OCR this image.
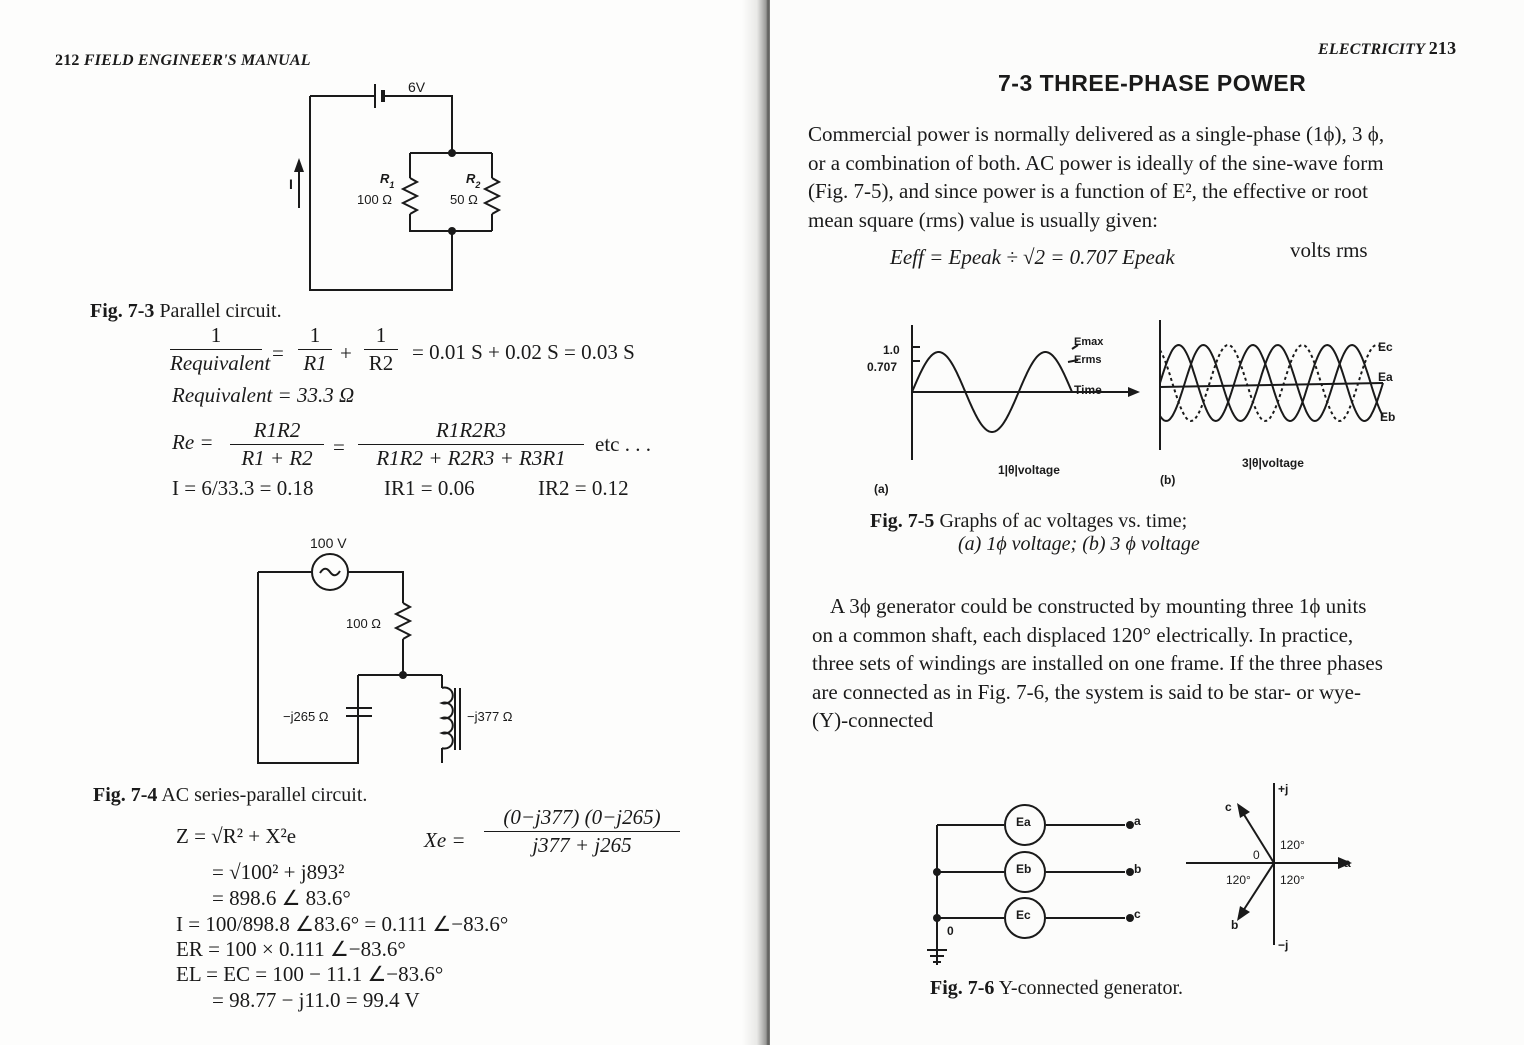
212 FIELD ENGINEER'S MANUAL
6V
I	$R_1$
100 Ω
$R_2$
50 Ω
Fig. 7-3 Parallel circuit.
1
Requivalent = $\frac{1}{R1} + \frac{1}{R2} = 0.01$ S + 0.02 S = 0.03 S
Requivalent = 33.3 Ω
$Re = \frac{R1R2}{R1 + R2} = \frac{R1R2R3}{R1R2 + R2R3 + R3R1}$ etc . . .
I = 6/33.3 = 0.18	IR1 = 0.06	IR2 = 0.12
100 V
100 Ω
−j265 Ω	−j377 Ω
Fig. 7-4 AC series-parallel circuit.
Z = √R² + X²e	$Xe = \frac{(0-j377) (0-j265)}{j377 + j265}$
= √100² + j893²
= 898.6 ∠ 83.6°
I = 100/898.8 ∠83.6° = 0.111 ∠−83.6°
ER = 100 × 0.111 ∠−83.6°
EL = EC = 100 − 11.1 ∠−83.6°
= 98.77 − j11.0 = 99.4 V
ELECTRICITY 213
7-3 THREE-PHASE POWER
Commercial power is normally delivered as a single-phase (1ϕ), 3 ϕ,
or a combination of both. AC power is ideally of the sine-wave form
(Fig. 7-5), and since power is a function of E², the effective or root
mean square (rms) value is usually given:
Eeff = Epeak ÷ √2 = 0.707 Epeak	volts rms
1.0
0.707
Emax
Erms
Time
1|θ|voltage
(a)
Ec
Ea
Eb
3|θ|voltage
(b)
Fig. 7-5 Graphs of ac voltages vs. time;
(a) 1ϕ voltage; (b) 3 ϕ voltage
A 3ϕ generator could be constructed by mounting three 1ϕ units
on a common shaft, each displaced 120° electrically. In practice,
three sets of windings are installed on one frame. If the three phases
are connected as in Fig. 7-6, the system is said to be star- or wye-
(Y)-connected
Ea
Eb
Ec
a
b
c
0
+j
−j
120°
120° 120°
0
a
b
c
Fig. 7-6 Y-connected generator.
